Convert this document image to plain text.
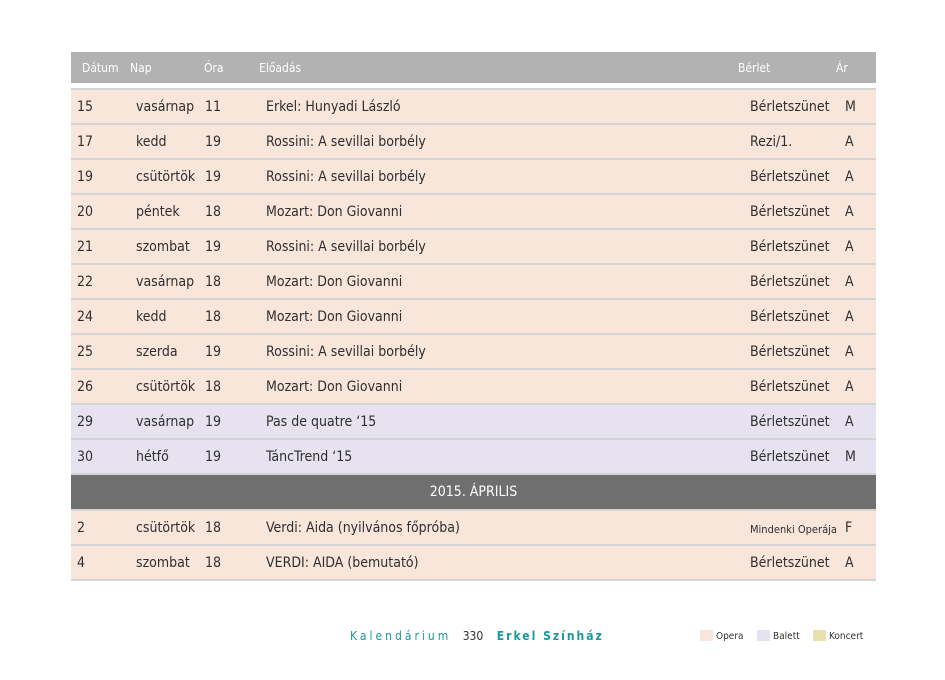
Dátum Nap	Óra	Előadás	Bérlet	Ár
15	vasárnap 11	Erkel: Hunyadi László	Bérletszünet M
17	kedd	19	Rossini: A sevillai borbély	Rezi/1.	A
19	csütörtök 19	Rossini: A sevillai borbély	Bérletszünet A
20	péntek 18	Mozart: Don Giovanni	Bérletszünet A
21	szombat 19	Rossini: A sevillai borbély	Bérletszünet A
22	vasárnap 18	Mozart: Don Giovanni	Bérletszünet A
24	kedd	18	Mozart: Don Giovanni	Bérletszünet A
25	szerda 19	Rossini: A sevillai borbély	Bérletszünet A
26	csütörtök 18	Mozart: Don Giovanni	Bérletszünet A
29	vasárnap 19	Pas de quatre ‘15	Bérletszünet A
30	hétfő	19	TáncTrend ‘15	Bérletszünet M
2015. ÁPRILIS
2	csütörtök 18	Verdi: Aida (nyilvános főpróba)	Mindenki Operája F
4	szombat 18	VERDI: AIDA (bemutató)	Bérletszünet A
Kalendárium 330 Erkel Színház	Opera	Balett	Koncert
